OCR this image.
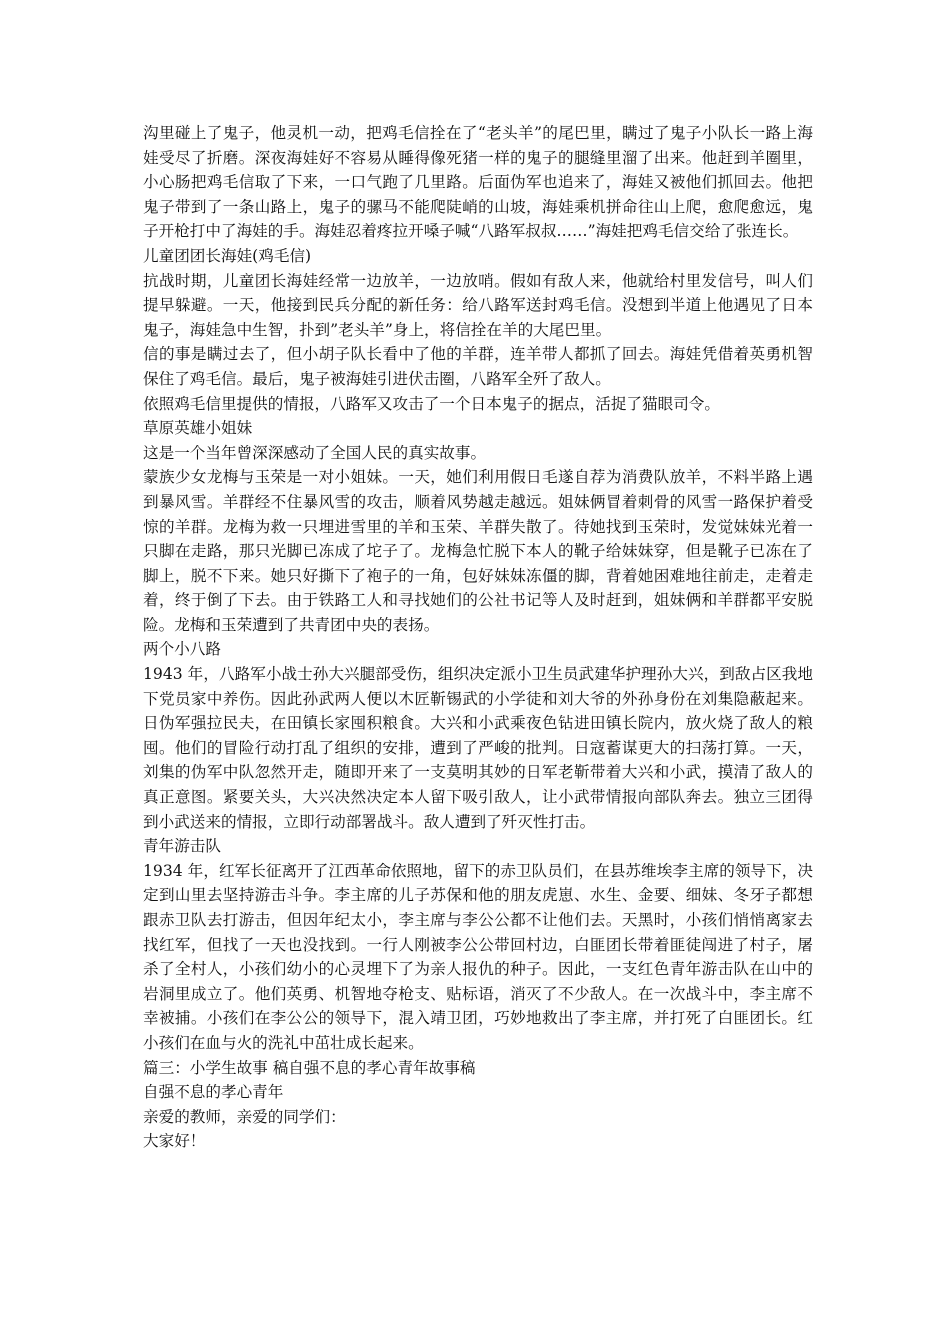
沟里碰上了鬼子，他灵机一动，把鸡毛信拴在了“老头羊”的尾巴里，瞒过了鬼子小队长一路上海娃受尽了折磨。深夜海娃好不容易从睡得像死猪一样的鬼子的腿缝里溜了出来。他赶到羊圈里，小心肠把鸡毛信取了下来，一口气跑了几里路。后面伪军也追来了，海娃又被他们抓回去。他把鬼子带到了一条山路上，鬼子的骡马不能爬陡峭的山坡，海娃乘机拼命往山上爬，愈爬愈远，鬼子开枪打中了海娃的手。海娃忍着疼拉开嗓子喊“八路军叔叔……”海娃把鸡毛信交给了张连长。

儿童团团长海娃(鸡毛信)

抗战时期，儿童团长海娃经常一边放羊，一边放哨。假如有敌人来，他就给村里发信号，叫人们提早躲避。一天，他接到民兵分配的新任务：给八路军送封鸡毛信。没想到半道上他遇见了日本鬼子，海娃急中生智，扑到”老头羊”身上，将信拴在羊的大尾巴里。

信的事是瞒过去了，但小胡子队长看中了他的羊群，连羊带人都抓了回去。海娃凭借着英勇机智保住了鸡毛信。最后，鬼子被海娃引进伏击圈，八路军全歼了敌人。

依照鸡毛信里提供的情报，八路军又攻击了一个日本鬼子的据点，活捉了猫眼司令。

草原英雄小姐妹

这是一个当年曾深深感动了全国人民的真实故事。

蒙族少女龙梅与玉荣是一对小姐妹。一天，她们利用假日毛遂自荐为消费队放羊，不料半路上遇到暴风雪。羊群经不住暴风雪的攻击，顺着风势越走越远。姐妹俩冒着刺骨的风雪一路保护着受惊的羊群。龙梅为救一只埋进雪里的羊和玉荣、羊群失散了。待她找到玉荣时，发觉妹妹光着一只脚在走路，那只光脚已冻成了坨子了。龙梅急忙脱下本人的靴子给妹妹穿，但是靴子已冻在了脚上，脱不下来。她只好撕下了袍子的一角，包好妹妹冻僵的脚，背着她困难地往前走，走着走着，终于倒了下去。由于铁路工人和寻找她们的公社书记等人及时赶到，姐妹俩和羊群都平安脱险。龙梅和玉荣遭到了共青团中央的表扬。

两个小八路

1943 年，八路军小战士孙大兴腿部受伤，组织决定派小卫生员武建华护理孙大兴，到敌占区我地下党员家中养伤。因此孙武两人便以木匠靳锡武的小学徒和刘大爷的外孙身份在刘集隐蔽起来。日伪军强拉民夫，在田镇长家囤积粮食。大兴和小武乘夜色钻进田镇长院内，放火烧了敌人的粮囤。他们的冒险行动打乱了组织的安排，遭到了严峻的批判。日寇蓄谋更大的扫荡打算。一天，刘集的伪军中队忽然开走，随即开来了一支莫明其妙的日军老靳带着大兴和小武，摸清了敌人的真正意图。紧要关头，大兴决然决定本人留下吸引敌人，让小武带情报向部队奔去。独立三团得到小武送来的情报，立即行动部署战斗。敌人遭到了歼灭性打击。

青年游击队

1934 年，红军长征离开了江西革命依照地，留下的赤卫队员们，在县苏维埃李主席的领导下，决定到山里去坚持游击斗争。李主席的儿子苏保和他的朋友虎崽、水生、金要、细妹、冬牙子都想跟赤卫队去打游击，但因年纪太小，李主席与李公公都不让他们去。天黑时，小孩们悄悄离家去找红军，但找了一天也没找到。一行人刚被李公公带回村边，白匪团长带着匪徒闯进了村子，屠杀了全村人，小孩们幼小的心灵埋下了为亲人报仇的种子。因此，一支红色青年游击队在山中的岩洞里成立了。他们英勇、机智地夺枪支、贴标语，消灭了不少敌人。在一次战斗中，李主席不幸被捕。小孩们在李公公的领导下，混入靖卫团，巧妙地救出了李主席，并打死了白匪团长。红小孩们在血与火的洗礼中茁壮成长起来。

篇三：小学生故事 稿自强不息的孝心青年故事稿

自强不息的孝心青年

亲爱的教师，亲爱的同学们：

大家好！
